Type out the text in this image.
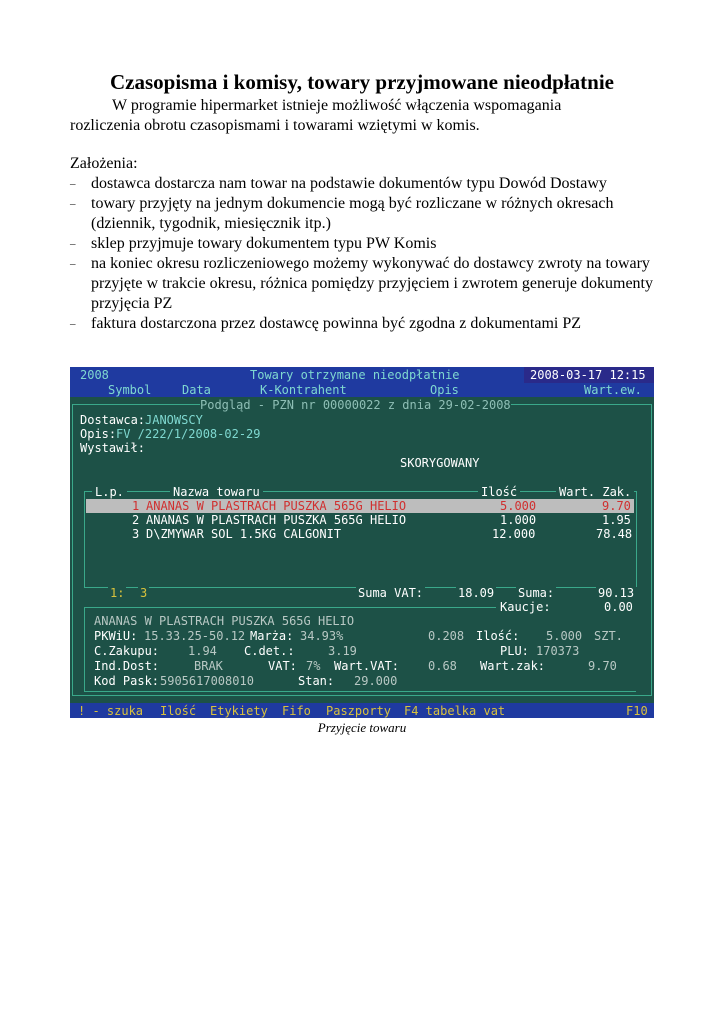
Czasopisma i komisy, towary przyjmowane nieodpłatnie
W programie hipermarket istnieje możliwość włączenia wspomagania
rozliczenia obrotu czasopismami i towarami wziętymi w komis.
Założenia:
– dostawca dostarcza nam towar na podstawie dokumentów typu Dowód Dostawy
– towary przyjęty na jednym dokumencie mogą być rozliczane w różnych okresach (dziennik, tygodnik, miesięcznik itp.)
– sklep przyjmuje towary dokumentem typu PW Komis
– na koniec okresu rozliczeniowego możemy wykonywać do dostawcy zwroty na towary przyjęte w trakcie okresu, różnica pomiędzy przyjęciem i zwrotem generuje dokumenty przyjęcia PZ
– faktura dostarczona przez dostawcę powinna być zgodna z dokumentami PZ
2008	Towary otrzymane nieodpłatnie	2008-03-17 12:15
Symbol	Data	K-Kontrahent	Opis	Wart.ew.
Podgląd - PZN nr 00000022 z dnia 29-02-2008
Dostawca: JANOWSCY
Opis: FV /222/1/2008-02-29
Wystawił:
SKORYGOWANY
L.p.	Nazwa towaru	Ilość	Wart. Zak.
1 ANANAS W PLASTRACH PUSZKA 565G HELIO	5.000	9.70
2 ANANAS W PLASTRACH PUSZKA 565G HELIO	1.000	1.95
3 D\ZMYWAR SOL 1.5KG CALGONIT	12.000	78.48
1: 3	Suma VAT:	18.09 Suma:	90.13
Kaucje:	0.00
ANANAS W PLASTRACH PUSZKA 565G HELIO
PKWiU: 15.33.25-50.12 Marża: 34.93%	0.208 Ilość: 5.000 SZT.
C.Zakupu: 1.94 C.det.:	3.19	PLU: 170373
Ind.Dost:	BRAK	VAT: 7% Wart.VAT: 0.68 Wart.zak:	9.70
Kod Pask: 5905617008010	Stan: 29.000
! - szuka Ilość Etykiety Fifo Paszporty F4 tabelka vat	F10
Przyjęcie towaru
